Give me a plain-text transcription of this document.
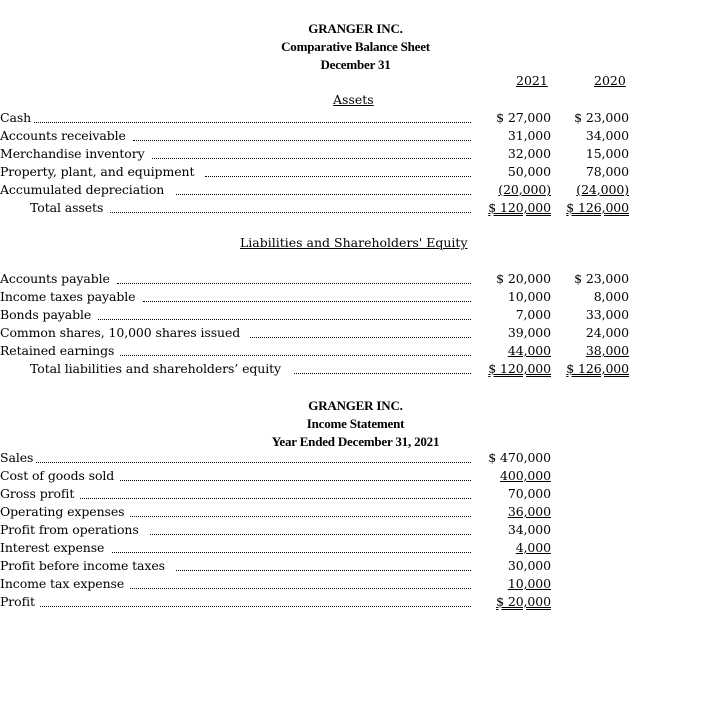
GRANGER INC.
Comparative Balance Sheet
December 31
2021	2020
Assets
Cash	$ 27,000	$ 23,000
Accounts receivable	31,000	34,000
Merchandise inventory	32,000	15,000
Property, plant, and equipment	50,000	78,000
Accumulated depreciation	(20,000)	(24,000)
Total assets	$ 120,000	$ 126,000
Liabilities and Shareholders' Equity
Accounts payable	$ 20,000	$ 23,000
Income taxes payable	10,000	8,000
Bonds payable	7,000	33,000
Common shares, 10,000 shares issued	39,000	24,000
Retained earnings	44,000	38,000
Total liabilities and shareholders’ equity	$ 120,000	$ 126,000
GRANGER INC.
Income Statement
Year Ended December 31, 2021
Sales	$ 470,000
Cost of goods sold	400,000
Gross profit	70,000
Operating expenses	36,000
Profit from operations	34,000
Interest expense	4,000
Profit before income taxes	30,000
Income tax expense	10,000
Profit	$ 20,000
